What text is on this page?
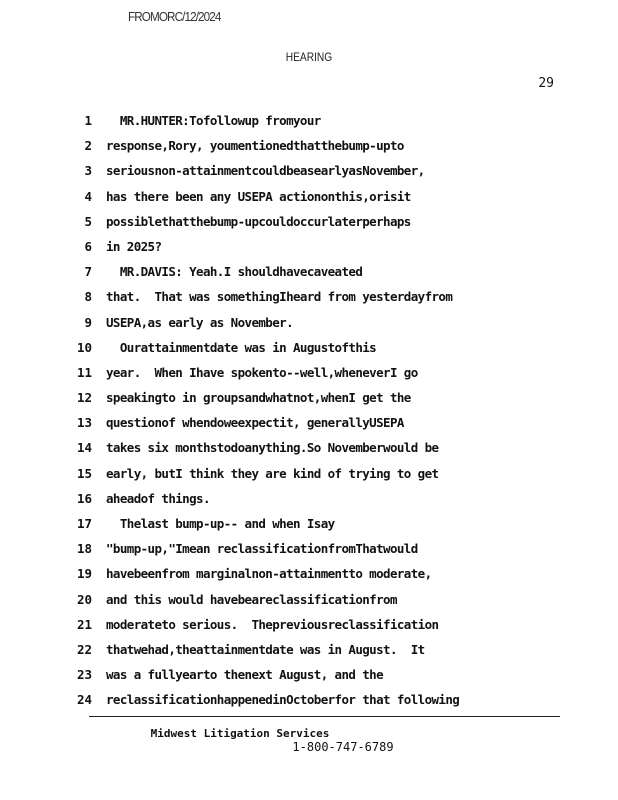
FROMORC/12/2024
HEARING
29
1
2
3
4
5
6
7
8
9
10
11
12
13
14
15
16
17
18
19
20
21
22
23
24
MR.HUNTER:Tofollowup fromyour
response,Rory, youmentionedthatthebump-upto
seriousnon-attainmentcouldbeasearlyasNovember,
has there been any USEPA actiononthis,orisit
possiblethatthebump-upcouldoccurlaterperhaps
in 2025?
MR.DAVIS: Yeah.I shouldhavecaveated
that.  That was somethingIheard from yesterdayfrom
USEPA,as early as November.
Ourattainmentdate was in Augustofthis
year.  When Ihave spokento--well,wheneverI go
speakingto in groupsandwhatnot,whenI get the
questionof whendoweexpectit, generallyUSEPA
takes six monthstodoanything.So Novemberwould be
early, butI think they are kind of trying to get
aheadof things.
Thelast bump-up-- and when Isay
"bump-up,"Imean reclassificationfromThatwould
havebeenfrom marginalnon-attainmentto moderate,
and this would havebeareclassificationfrom
moderateto serious.  Thepreviousreclassification
thatwehad,theattainmentdate was in August.  It
was a fullyearto thenext August, and the
reclassificationhappenedinOctoberfor that following
Midwest Litigation Services
1-800-747-6789
